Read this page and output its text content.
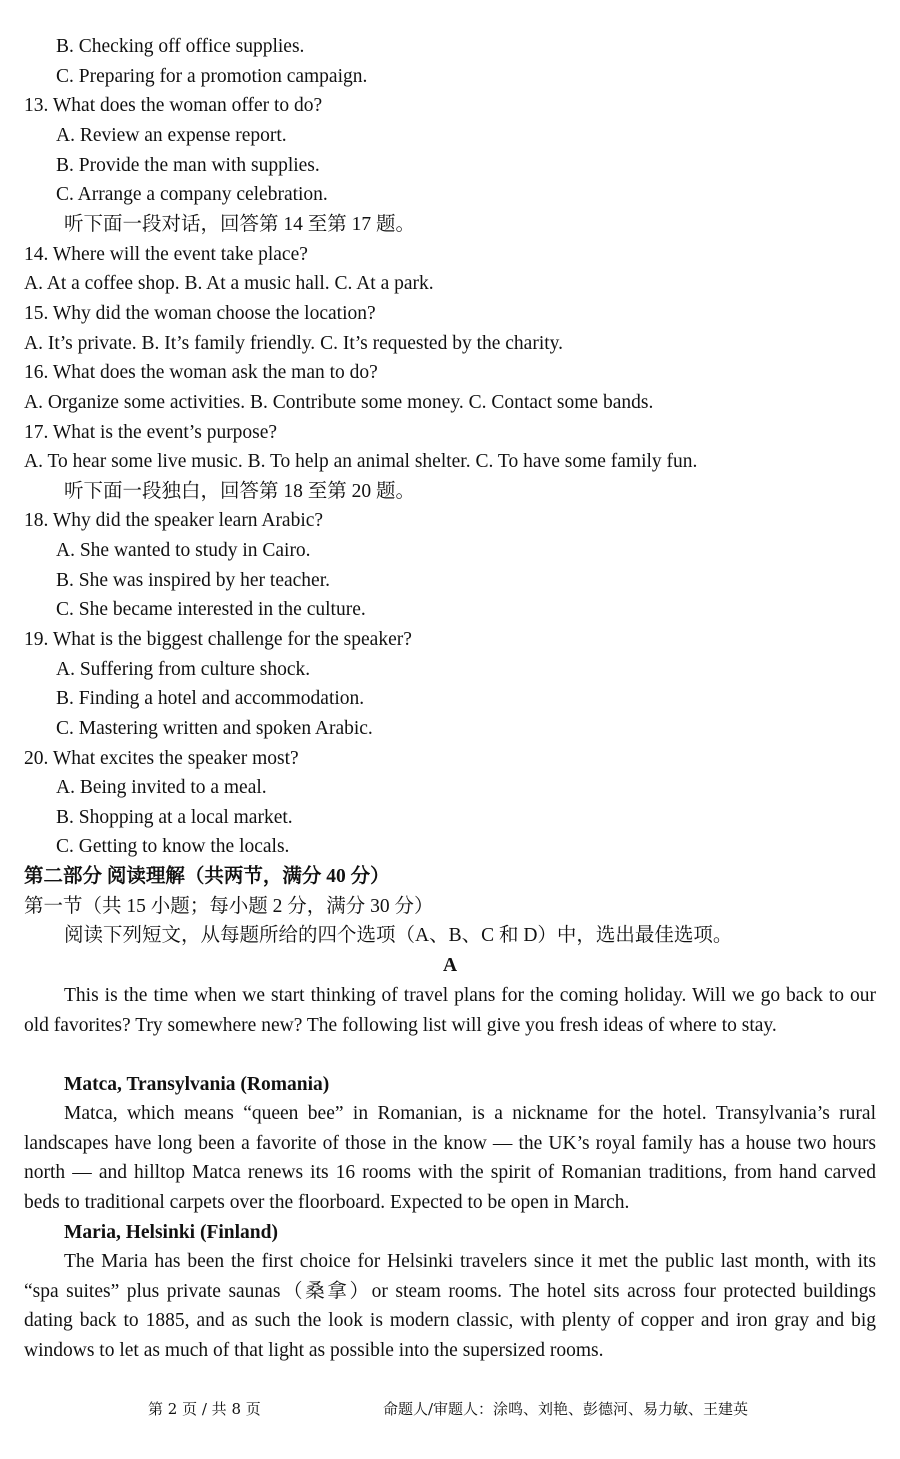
B. Checking off office supplies.
C. Preparing for a promotion campaign.
13. What does the woman offer to do?
A. Review an expense report.
B. Provide the man with supplies.
C. Arrange a company celebration.
听下面一段对话，回答第 14 至第 17 题。
14. Where will the event take place?
A. At a coffee shop. B. At a music hall. C. At a park.
15. Why did the woman choose the location?
A. It’s private. B. It’s family friendly. C. It’s requested by the charity.
16. What does the woman ask the man to do?
A. Organize some activities. B. Contribute some money. C. Contact some bands.
17. What is the event’s purpose?
A. To hear some live music. B. To help an animal shelter. C. To have some family fun.
听下面一段独白，回答第 18 至第 20 题。
18. Why did the speaker learn Arabic?
A. She wanted to study in Cairo.
B. She was inspired by her teacher.
C. She became interested in the culture.
19. What is the biggest challenge for the speaker?
A. Suffering from culture shock.
B. Finding a hotel and accommodation.
C. Mastering written and spoken Arabic.
20. What excites the speaker most?
A. Being invited to a meal.
B. Shopping at a local market.
C. Getting to know the locals.
第二部分 阅读理解（共两节，满分 40 分）
第一节（共 15 小题；每小题 2 分，满分 30 分）
阅读下列短文，从每题所给的四个选项（A、B、C 和 D）中，选出最佳选项。
A
This is the time when we start thinking of travel plans for the coming holiday. Will we go back to our old favorites? Try somewhere new? The following list will give you fresh ideas of where to stay.
Matca, Transylvania (Romania)
Matca, which means “queen bee” in Romanian, is a nickname for the hotel. Transylvania’s rural landscapes have long been a favorite of those in the know — the UK’s royal family has a house two hours north — and hilltop Matca renews its 16 rooms with the spirit of Romanian traditions, from hand carved beds to traditional carpets over the floorboard. Expected to be open in March.
Maria, Helsinki (Finland)
The Maria has been the first choice for Helsinki travelers since it met the public last month, with its “spa suites” plus private saunas（桑拿）or steam rooms. The hotel sits across four protected buildings dating back to 1885, and as such the look is modern classic, with plenty of copper and iron gray and big windows to let as much of that light as possible into the supersized rooms.
第 2 页 / 共 8 页	命题人/审题人：涂鸣、刘艳、彭德河、易力敏、王建英
